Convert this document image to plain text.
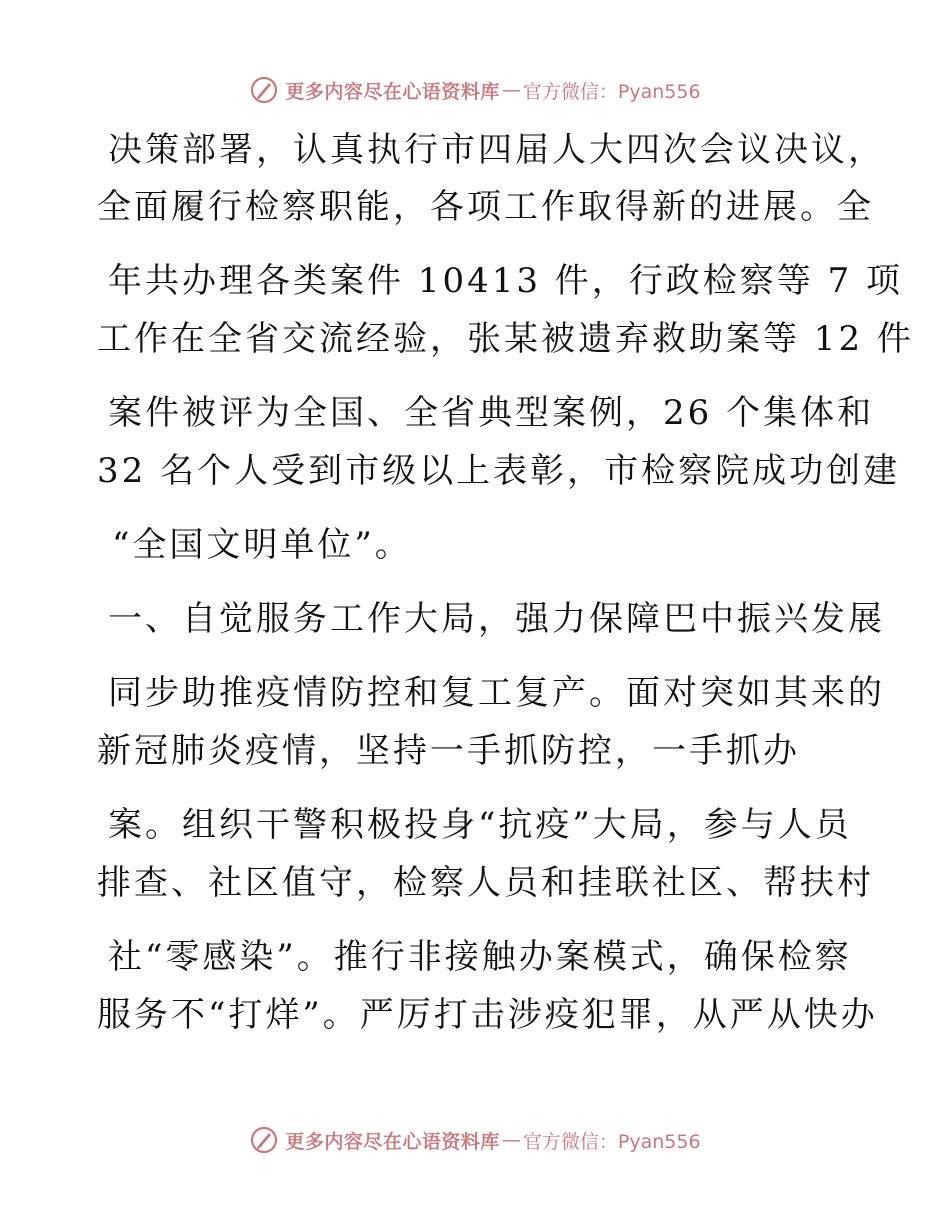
更多内容尽在心语资料库 — 官方微信：Pyan556
决策部署，认真执行市四届人大四次会议决议，
全面履行检察职能，各项工作取得新的进展。全
年共办理各类案件 10413 件，行政检察等 7 项
工作在全省交流经验，张某被遗弃救助案等 12 件
案件被评为全国、全省典型案例，26 个集体和
32 名个人受到市级以上表彰，市检察院成功创建
“全国文明单位”。
一、自觉服务工作大局，强力保障巴中振兴发展
同步助推疫情防控和复工复产。面对突如其来的
新冠肺炎疫情，坚持一手抓防控，一手抓办
案。组织干警积极投身“抗疫”大局，参与人员
排查、社区值守，检察人员和挂联社区、帮扶村
社“零感染”。推行非接触办案模式，确保检察
服务不“打烊”。严厉打击涉疫犯罪，从严从快办
更多内容尽在心语资料库 — 官方微信：Pyan556
